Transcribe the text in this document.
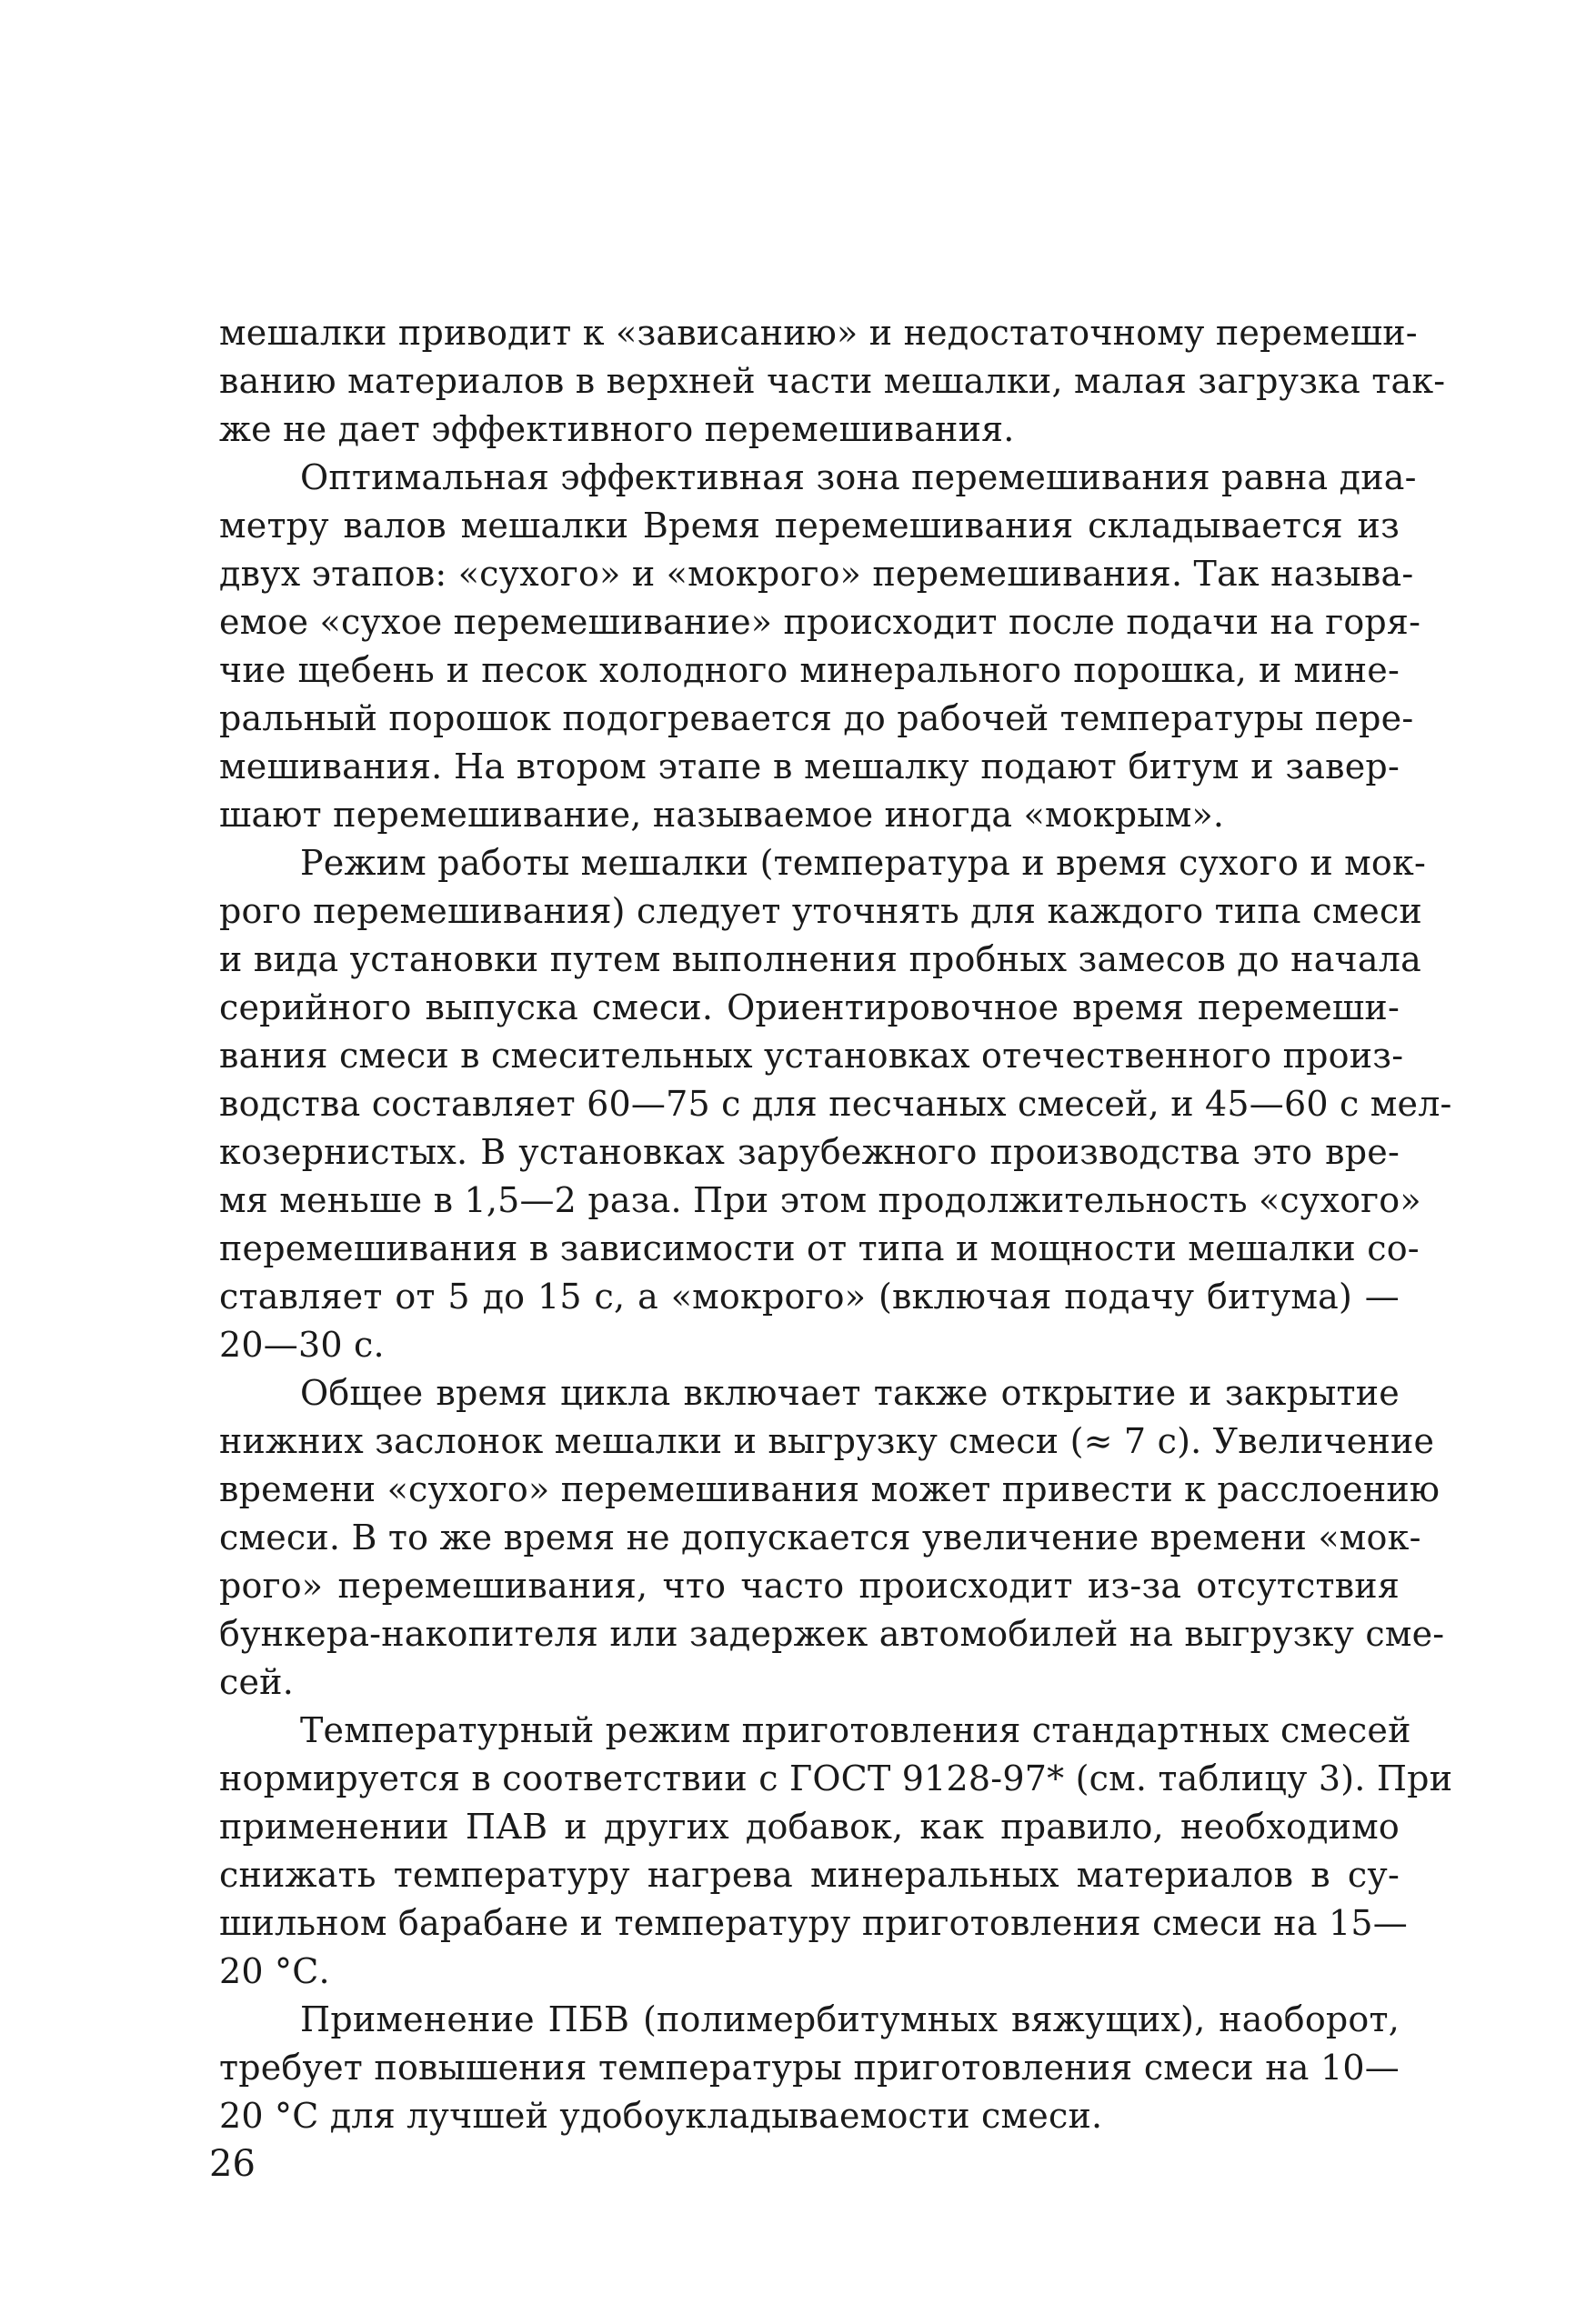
мешалки приводит к «зависанию» и недостаточному перемеши-
ванию материалов в верхней части мешалки, малая загрузка так-
же не дает эффективного перемешивания.
Оптимальная эффективная зона перемешивания равна диа-
метру валов мешалки Время перемешивания складывается из
двух этапов: «сухого» и «мокрого» перемешивания. Так называ-
емое «сухое перемешивание» происходит после подачи на горя-
чие щебень и песок холодного минерального порошка, и мине-
ральный порошок подогревается до рабочей температуры пере-
мешивания. На втором этапе в мешалку подают битум и завер-
шают перемешивание, называемое иногда «мокрым».
Режим работы мешалки (температура и время сухого и мок-
рого перемешивания) следует уточнять для каждого типа смеси
и вида установки путем выполнения пробных замесов до начала
серийного выпуска смеси. Ориентировочное время перемеши-
вания смеси в смесительных установках отечественного произ-
водства составляет 60—75 с для песчаных смесей, и 45—60 с мел-
козернистых. В установках зарубежного производства это вре-
мя меньше в 1,5—2 раза. При этом продолжительность «сухого»
перемешивания в зависимости от типа и мощности мешалки со-
ставляет от 5 до 15 с, а «мокрого» (включая подачу битума) —
20—30 с.
Общее время цикла включает также открытие и закрытие
нижних заслонок мешалки и выгрузку смеси (≈ 7 с). Увеличение
времени «сухого» перемешивания может привести к расслоению
смеси. В то же время не допускается увеличение времени «мок-
рого» перемешивания, что часто происходит из-за отсутствия
бункера-накопителя или задержек автомобилей на выгрузку сме-
сей.
Температурный режим приготовления стандартных смесей
нормируется в соответствии с ГОСТ 9128-97* (см. таблицу 3). При
применении ПАВ и других добавок, как правило, необходимо
снижать температуру нагрева минеральных материалов в су-
шильном барабане и температуру приготовления смеси на 15—
20 °С.
Применение ПБВ (полимербитумных вяжущих), наоборот,
требует повышения температуры приготовления смеси на 10—
20 °С для лучшей удобоукладываемости смеси.
26
